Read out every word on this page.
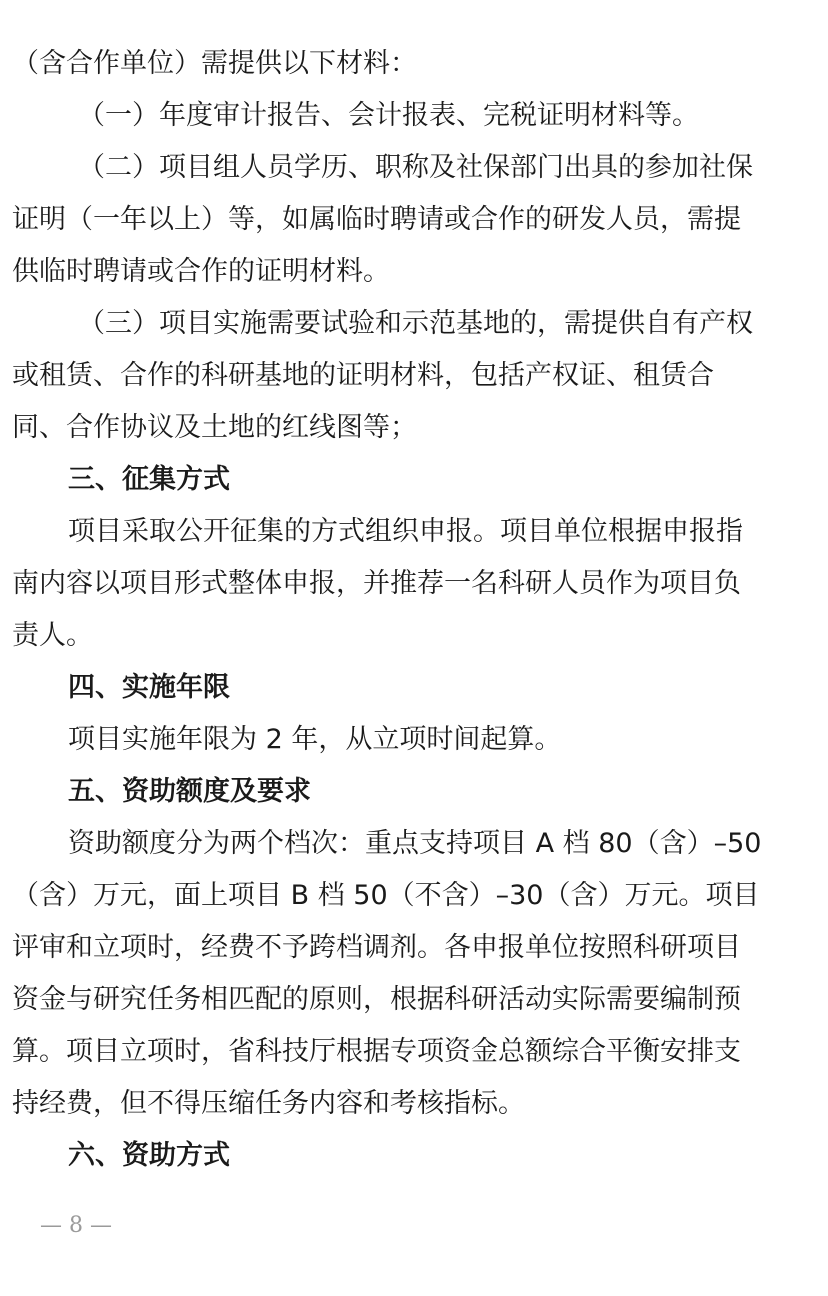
（含合作单位）需提供以下材料：
（一）年度审计报告、会计报表、完税证明材料等。
（二）项目组人员学历、职称及社保部门出具的参加社保
证明（一年以上）等，如属临时聘请或合作的研发人员，需提
供临时聘请或合作的证明材料。
（三）项目实施需要试验和示范基地的，需提供自有产权
或租赁、合作的科研基地的证明材料，包括产权证、租赁合
同、合作协议及土地的红线图等；
三、征集方式
项目采取公开征集的方式组织申报。项目单位根据申报指
南内容以项目形式整体申报，并推荐一名科研人员作为项目负
责人。
四、实施年限
项目实施年限为 2 年，从立项时间起算。
五、资助额度及要求
资助额度分为两个档次：重点支持项目 A 档 80（含）–50
（含）万元，面上项目 B 档 50（不含）–30（含）万元。项目
评审和立项时，经费不予跨档调剂。各申报单位按照科研项目
资金与研究任务相匹配的原则，根据科研活动实际需要编制预
算。项目立项时，省科技厅根据专项资金总额综合平衡安排支
持经费，但不得压缩任务内容和考核指标。
六、资助方式
— 8 —
